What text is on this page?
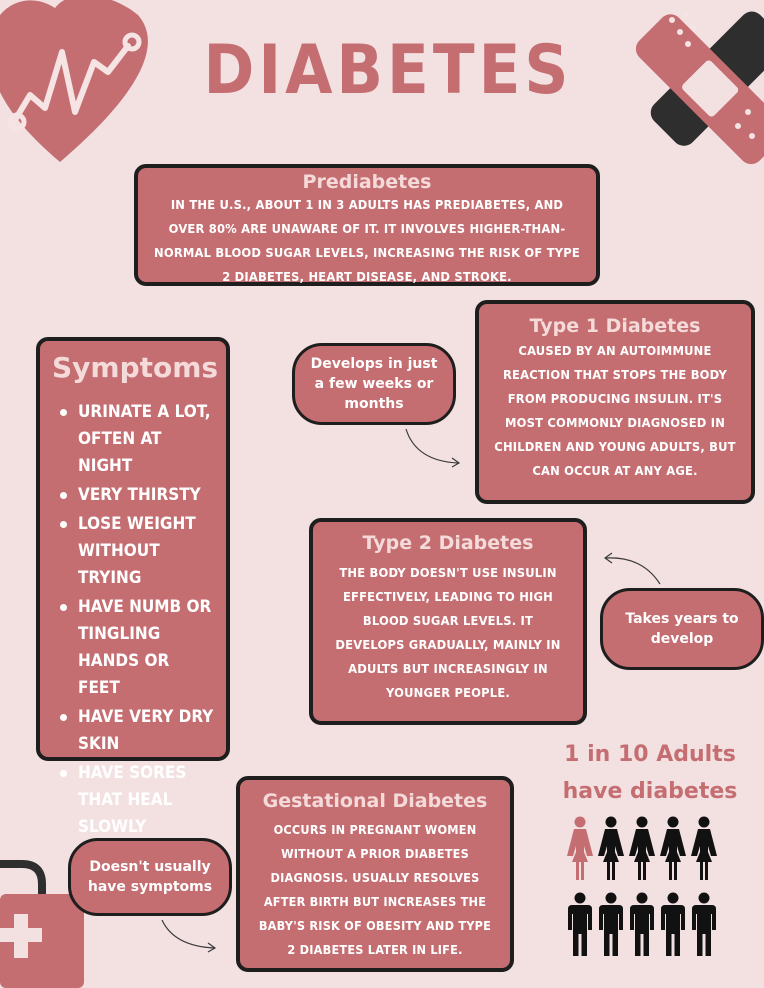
DIABETES
Prediabetes
IN THE U.S., ABOUT 1 IN 3 ADULTS HAS PREDIABETES, AND OVER 80% ARE UNAWARE OF IT. IT INVOLVES HIGHER-THAN-NORMAL BLOOD SUGAR LEVELS, INCREASING THE RISK OF TYPE 2 DIABETES, HEART DISEASE, AND STROKE.
Symptoms
URINATE A LOT, OFTEN AT NIGHT
VERY THIRSTY
LOSE WEIGHT WITHOUT TRYING
HAVE NUMB OR TINGLING HANDS OR FEET
HAVE VERY DRY SKIN
HAVE SORES THAT HEAL SLOWLY
Develops in just a few weeks or months
Type 1 Diabetes
CAUSED BY AN AUTOIMMUNE REACTION THAT STOPS THE BODY FROM PRODUCING INSULIN. IT'S MOST COMMONLY DIAGNOSED IN CHILDREN AND YOUNG ADULTS, BUT CAN OCCUR AT ANY AGE.
Type 2 Diabetes
THE BODY DOESN'T USE INSULIN EFFECTIVELY, LEADING TO HIGH BLOOD SUGAR LEVELS. IT DEVELOPS GRADUALLY, MAINLY IN ADULTS BUT INCREASINGLY IN YOUNGER PEOPLE.
Takes years to develop
1 in 10 Adults
have diabetes
Doesn't usually have symptoms
Gestational Diabetes
OCCURS IN PREGNANT WOMEN WITHOUT A PRIOR DIABETES DIAGNOSIS. USUALLY RESOLVES AFTER BIRTH BUT INCREASES THE BABY'S RISK OF OBESITY AND TYPE 2 DIABETES LATER IN LIFE.
